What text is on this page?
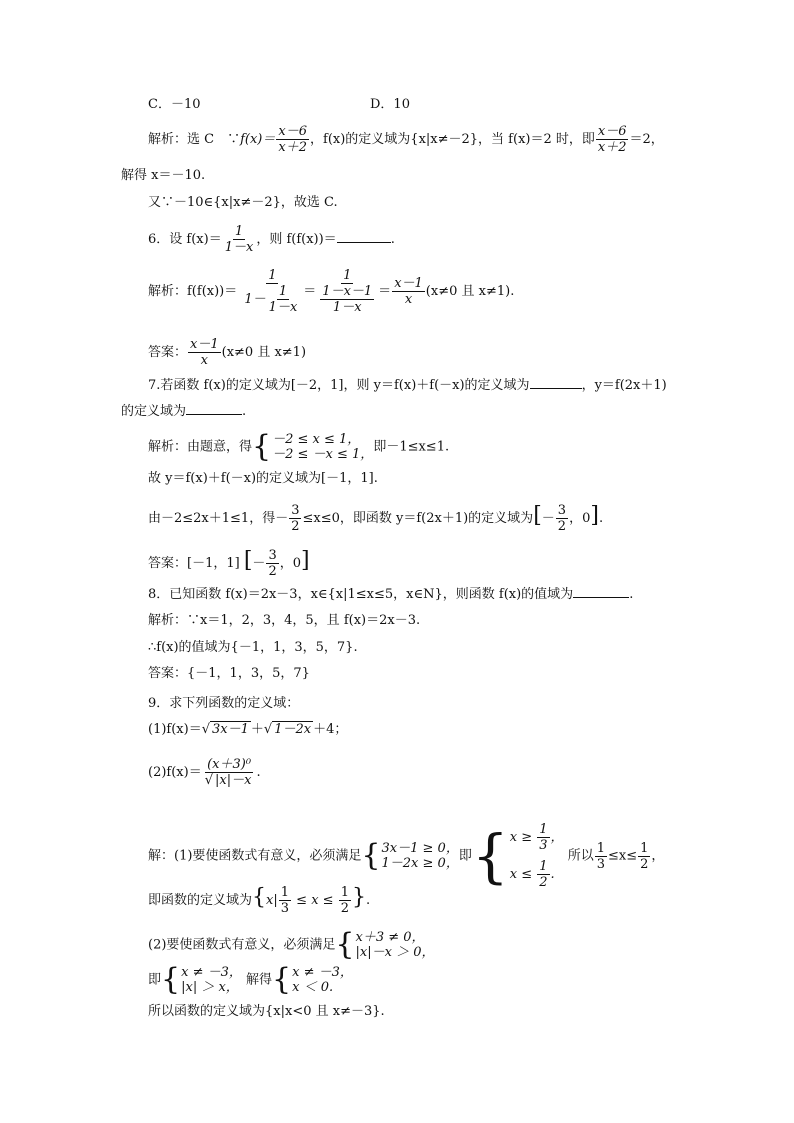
C．－10	D．10
解析：选 C　∵f(x)＝ $\frac{x-6}{x+2}$ ，f(x)的定义域为{x|x≠－2}，当 f(x)＝2 时，即 $\frac{x-6}{x+2} =2$，
解得 x＝－10.
又∵－10∈{x|x≠－2}，故选 C.
6．设 $f(x)= \frac{1}{1-x}$ ，则 f(f(x))＝	.
解析：$f(f(x))= \frac{1}{1- \frac{1}{1-x}} = \frac{1}{\frac{1-x-1}{1-x}} = \frac{x-1}{x} (x\ne 0$ 且 x≠1).
答案： $\frac{x-1}{x} (x\ne 0$ 且 x≠1)
7.若函数 f(x)的定义域为[－2，1]，则 y＝f(x)＋f(－x)的定义域为	，y＝f(2x＋1)
的定义域为	.
解析：由题意，得 { －2 ≤ x ≤ 1，
－2 ≤ －x ≤ 1， 即－1≤x≤1.
故 y＝f(x)＋f(－x)的定义域为[－1，1].
由－2≤2x＋1≤1，得－ $\frac{3}{2} \le x\le 0$，即函数 y＝f(2x＋1)的定义域为[－ $\frac{3}{2}$ ，0].
答案：[－1，1] [－ $\frac{3}{2}$ ，0]
8．已知函数 f(x)＝2x－3，x∈{x|1≤x≤5，x∈N}，则函数 f(x)的值域为	.
解析：∵x＝1，2，3，4，5，且 f(x)＝2x－3.
∴f(x)的值域为{－1，1，3，5，7}.
答案：{－1，1，3，5，7}
9．求下列函数的定义域：
(1)f(x)＝√ 3x－1 ＋√ 1－2x ＋4；
$(2)f(x)= \frac{\text{(x＋3)⁰}}{√ |x|-x}$ .
解：(1)要使函数式有意义，必须满足 { 3x－1 ≥ 0，
1－2x ≥ 0， 即 { $x \ge \frac{1}{3}$ ，
$x \le \frac{1}{2}$ .
所以 $\frac{1}{3} \le x\le \frac{1}{2}$ ，
即函数的定义域为{$x| \frac{1}{3} \le x \le \frac{1}{2}$ }.
(2)要使函数式有意义，必须满足 { x＋3 ≠ 0，
|x|－x ＞ 0，
即 { x ≠ －3，
|x| ＞ x， 解得 { x ≠ －3，
x ＜ 0.
所以函数的定义域为{x|x<0 且 x≠－3}.
